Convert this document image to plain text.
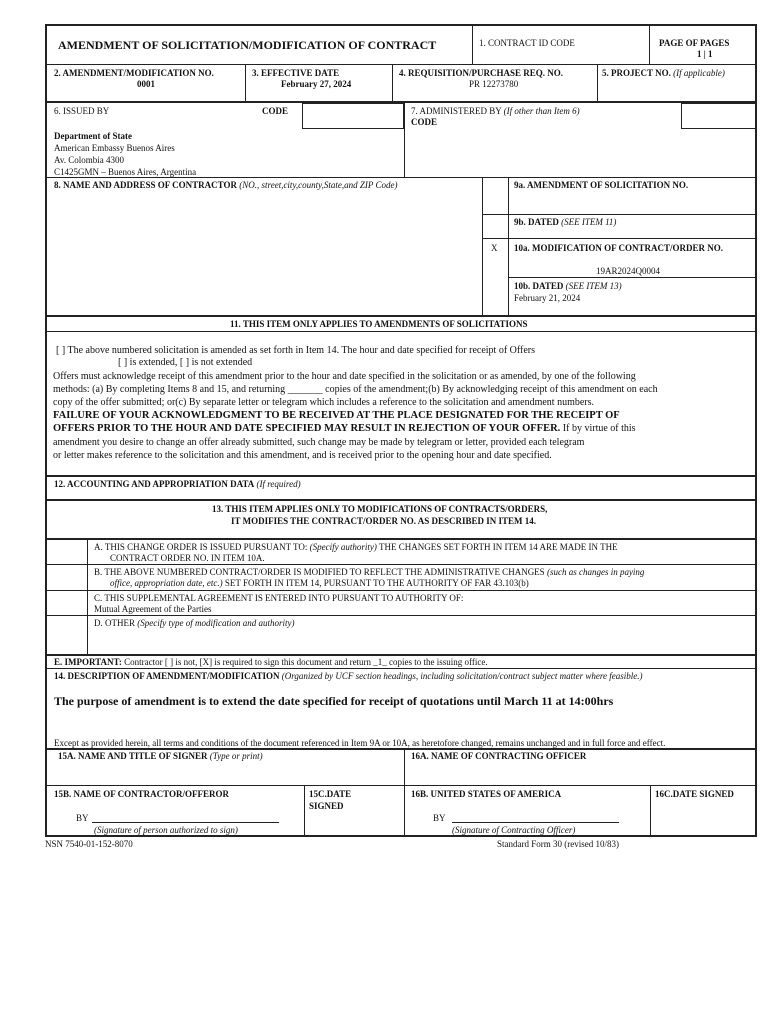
AMENDMENT OF SOLICITATION/MODIFICATION OF CONTRACT	1. CONTRACT ID CODE	PAGE OF PAGES
1 | 1
2. AMENDMENT/MODIFICATION NO.
0001
3. EFFECTIVE DATE
February 27, 2024
4. REQUISITION/PURCHASE REQ. NO.
PR 12273780
5. PROJECT NO. (If applicable)
6. ISSUED BY	CODE	7. ADMINISTERED BY (If other than Item 6)
CODE
Department of State
American Embassy Buenos Aires
Av. Colombia 4300
C1425GMN – Buenos Aires, Argentina
8. NAME AND ADDRESS OF CONTRACTOR (NO., street,city,county,State,and ZIP Code)	9a. AMENDMENT OF SOLICITATION NO.
9b. DATED (SEE ITEM 11)
X 10a. MODIFICATION OF CONTRACT/ORDER NO.
19AR2024Q0004
10b. DATED (SEE ITEM 13)
February 21, 2024
11. THIS ITEM ONLY APPLIES TO AMENDMENTS OF SOLICITATIONS
[ ] The above numbered solicitation is amended as set forth in Item 14. The hour and date specified for receipt of Offers
[ ] is extended, [ ] is not extended
Offers must acknowledge receipt of this amendment prior to the hour and date specified in the solicitation or as amended, by one of the following
methods: (a) By completing Items 8 and 15, and returning _______ copies of the amendment;(b) By acknowledging receipt of this amendment on each
copy of the offer submitted; or(c) By separate letter or telegram which includes a reference to the solicitation and amendment numbers.
FAILURE OF YOUR ACKNOWLEDGMENT TO BE RECEIVED AT THE PLACE DESIGNATED FOR THE RECEIPT OF
OFFERS PRIOR TO THE HOUR AND DATE SPECIFIED MAY RESULT IN REJECTION OF YOUR OFFER. If by virtue of this
amendment you desire to change an offer already submitted, such change may be made by telegram or letter, provided each telegram
or letter makes reference to the solicitation and this amendment, and is received prior to the opening hour and date specified.
12. ACCOUNTING AND APPROPRIATION DATA (If required)
13. THIS ITEM APPLIES ONLY TO MODIFICATIONS OF CONTRACTS/ORDERS,
IT MODIFIES THE CONTRACT/ORDER NO. AS DESCRIBED IN ITEM 14.
A. THIS CHANGE ORDER IS ISSUED PURSUANT TO: (Specify authority) THE CHANGES SET FORTH IN ITEM 14 ARE MADE IN THE
CONTRACT ORDER NO. IN ITEM 10A.
B. THE ABOVE NUMBERED CONTRACT/ORDER IS MODIFIED TO REFLECT THE ADMINISTRATIVE CHANGES (such as changes in paying
office, appropriation date, etc.) SET FORTH IN ITEM 14, PURSUANT TO THE AUTHORITY OF FAR 43.103(b)
C. THIS SUPPLEMENTAL AGREEMENT IS ENTERED INTO PURSUANT TO AUTHORITY OF:
Mutual Agreement of the Parties
D. OTHER (Specify type of modification and authority)
E. IMPORTANT: Contractor [ ] is not, [X] is required to sign this document and return _1_ copies to the issuing office.
14. DESCRIPTION OF AMENDMENT/MODIFICATION (Organized by UCF section headings, including solicitation/contract subject matter where feasible.)
The purpose of amendment is to extend the date specified for receipt of quotations until March 11 at 14:00hrs
Except as provided herein, all terms and conditions of the document referenced in Item 9A or 10A, as heretofore changed, remains unchanged and in full force and effect.
15A. NAME AND TITLE OF SIGNER (Type or print)	16A. NAME OF CONTRACTING OFFICER
15B. NAME OF CONTRACTOR/OFFEROR
BY
(Signature of person authorized to sign)
15C.DATE
SIGNED
16B. UNITED STATES OF AMERICA
BY
(Signature of Contracting Officer)
16C.DATE SIGNED
NSN 7540-01-152-8070	Standard Form 30 (revised 10/83)
